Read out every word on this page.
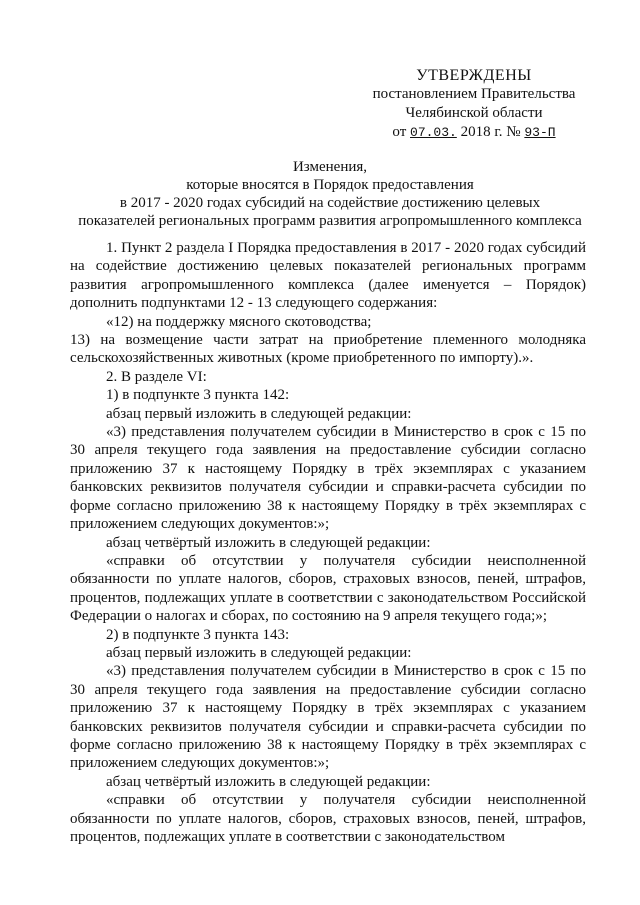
УТВЕРЖДЕНЫ
постановлением Правительства
Челябинской области
от 07.03. 2018 г. № 93-П
Изменения,
которые вносятся в Порядок предоставления
в 2017 - 2020 годах субсидий на содействие достижению целевых
показателей региональных программ развития агропромышленного комплекса

1. Пункт 2 раздела I Порядка предоставления в 2017 - 2020 годах субсидий на содействие достижению целевых показателей региональных программ развития агропромышленного комплекса (далее именуется – Порядок) дополнить подпунктами 12 - 13 следующего содержания:

«12) на поддержку мясного скотоводства;

13) на возмещение части затрат на приобретение племенного молодняка сельскохозяйственных животных (кроме приобретенного по импорту).».

2. В разделе VI:

1) в подпункте 3 пункта 142:

абзац первый изложить в следующей редакции:

«3) представления получателем субсидии в Министерство в срок с 15 по 30 апреля текущего года заявления на предоставление субсидии согласно приложению 37 к настоящему Порядку в трёх экземплярах с указанием банковских реквизитов получателя субсидии и справки-расчета субсидии по форме согласно приложению 38 к настоящему Порядку в трёх экземплярах с приложением следующих документов:»;

абзац четвёртый изложить в следующей редакции:

«справки об отсутствии у получателя субсидии неисполненной обязанности по уплате налогов, сборов, страховых взносов, пеней, штрафов, процентов, подлежащих уплате в соответствии с законодательством Российской Федерации о налогах и сборах, по состоянию на 9 апреля текущего года;»;

2) в подпункте 3 пункта 143:

абзац первый изложить в следующей редакции:

«3) представления получателем субсидии в Министерство в срок с 15 по 30 апреля текущего года заявления на предоставление субсидии согласно приложению 37 к настоящему Порядку в трёх экземплярах с указанием банковских реквизитов получателя субсидии и справки-расчета субсидии по форме согласно приложению 38 к настоящему Порядку в трёх экземплярах с приложением следующих документов:»;

абзац четвёртый изложить в следующей редакции:

«справки об отсутствии у получателя субсидии неисполненной обязанности по уплате налогов, сборов, страховых взносов, пеней, штрафов, процентов, подлежащих уплате в соответствии с законодательством
